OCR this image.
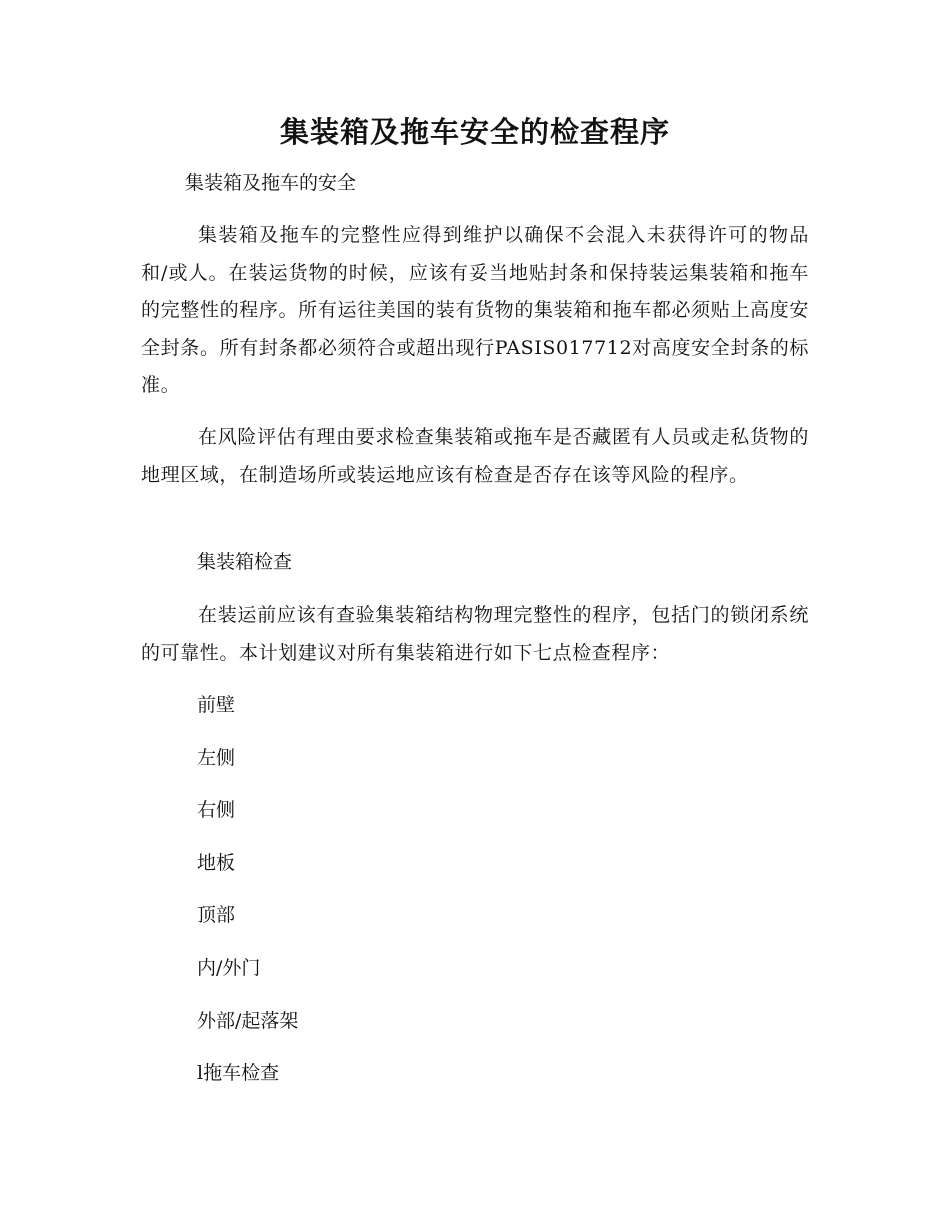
集装箱及拖车安全的检查程序

集装箱及拖车的安全

集装箱及拖车的完整性应得到维护以确保不会混入未获得许可的物品和/或人。在装运货物的时候，应该有妥当地贴封条和保持装运集装箱和拖车的完整性的程序。所有运往美国的装有货物的集装箱和拖车都必须贴上高度安全封条。所有封条都必须符合或超出现行PASIS017712对高度安全封条的标准。

在风险评估有理由要求检查集装箱或拖车是否藏匿有人员或走私货物的地理区域，在制造场所或装运地应该有检查是否存在该等风险的程序。

集装箱检查

在装运前应该有查验集装箱结构物理完整性的程序，包括门的锁闭系统的可靠性。本计划建议对所有集装箱进行如下七点检查程序：

前壁

左侧

右侧

地板

顶部

内/外门

外部/起落架

l拖车检查
